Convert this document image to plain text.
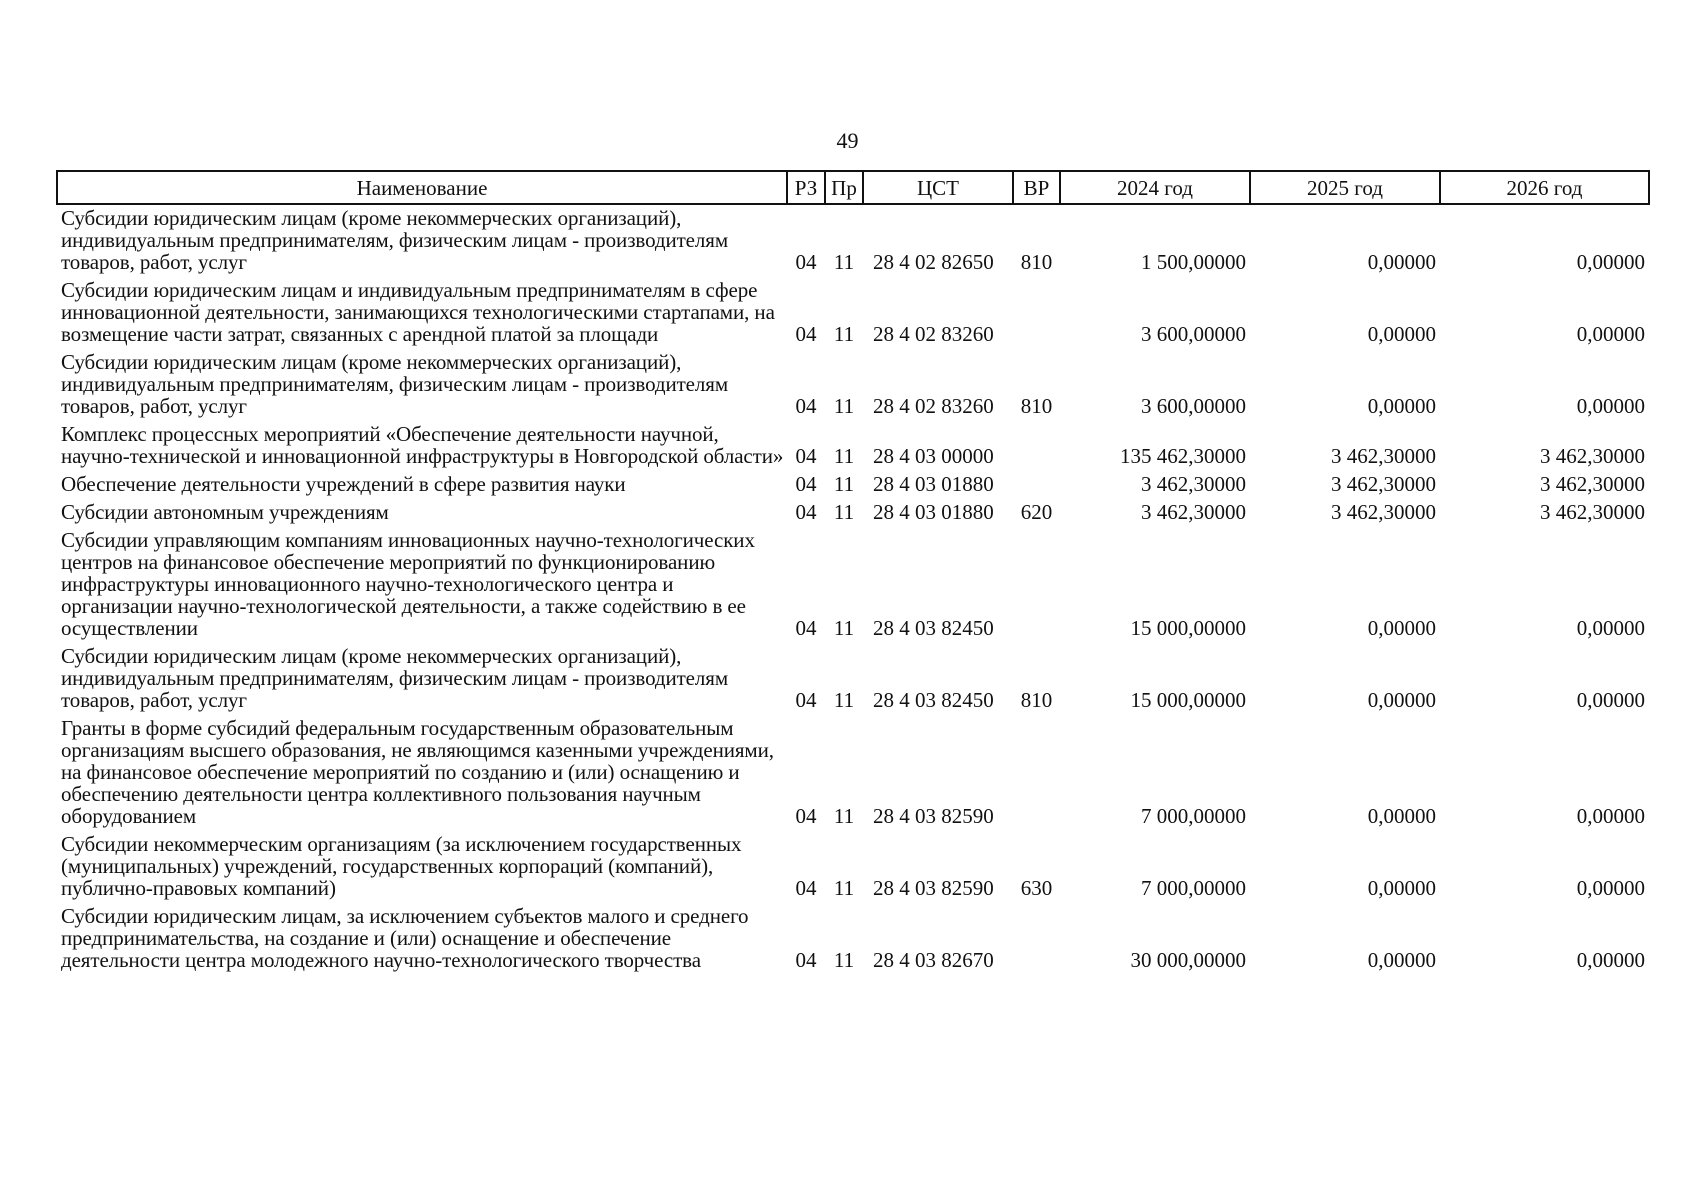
49
Наименование	РЗ	Пр	ЦСТ	ВР	2024 год	2025 год	2026 год
Субсидии юридическим лицам (кроме некоммерческих организаций), индивидуальным предпринимателям, физическим лицам - производителям товаров, работ, услуг	04	11	28 4 02 82650	810	1 500,00000	0,00000	0,00000
Субсидии юридическим лицам и индивидуальным предпринимателям в сфере инновационной деятельности, занимающихся технологическими стартапами, на возмещение части затрат, связанных с арендной платой за площади	04	11	28 4 02 83260		3 600,00000	0,00000	0,00000
Субсидии юридическим лицам (кроме некоммерческих организаций), индивидуальным предпринимателям, физическим лицам - производителям товаров, работ, услуг	04	11	28 4 02 83260	810	3 600,00000	0,00000	0,00000
Комплекс процессных мероприятий «Обеспечение деятельности научной, научно-технической и инновационной инфраструктуры в Новгородской области»	04	11	28 4 03 00000		135 462,30000	3 462,30000	3 462,30000
Обеспечение деятельности учреждений в сфере развития науки	04	11	28 4 03 01880		3 462,30000	3 462,30000	3 462,30000
Субсидии автономным учреждениям	04	11	28 4 03 01880	620	3 462,30000	3 462,30000	3 462,30000
Субсидии управляющим компаниям инновационных научно-технологических центров на финансовое обеспечение мероприятий по функционированию инфраструктуры инновационного научно-технологического центра и организации научно-технологической деятельности, а также содействию в ее осуществлении	04	11	28 4 03 82450		15 000,00000	0,00000	0,00000
Субсидии юридическим лицам (кроме некоммерческих организаций), индивидуальным предпринимателям, физическим лицам - производителям товаров, работ, услуг	04	11	28 4 03 82450	810	15 000,00000	0,00000	0,00000
Гранты в форме субсидий федеральным государственным образовательным организациям высшего образования, не являющимся казенными учреждениями, на финансовое обеспечение мероприятий по созданию и (или) оснащению и обеспечению деятельности центра коллективного пользования научным оборудованием	04	11	28 4 03 82590		7 000,00000	0,00000	0,00000
Субсидии некоммерческим организациям (за исключением государственных (муниципальных) учреждений, государственных корпораций (компаний), публично-правовых компаний)	04	11	28 4 03 82590	630	7 000,00000	0,00000	0,00000
Субсидии юридическим лицам, за исключением субъектов малого и среднего предпринимательства, на создание и (или) оснащение и обеспечение деятельности центра молодежного научно-технологического творчества	04	11	28 4 03 82670		30 000,00000	0,00000	0,00000
